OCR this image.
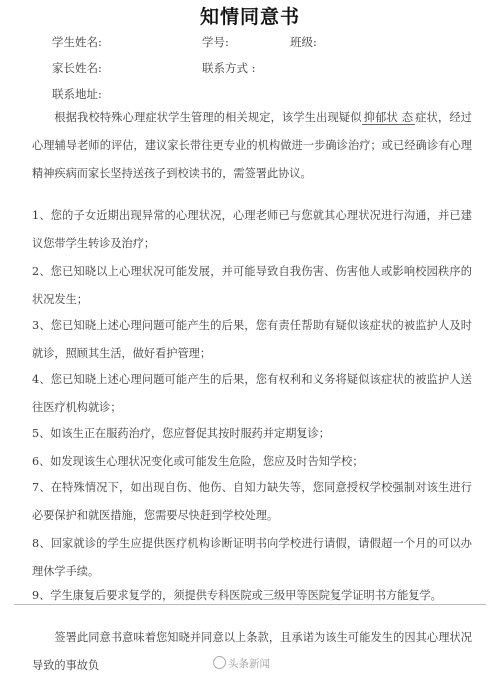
知情同意书
学生姓名:	学号:	班级:
家长姓名:	联系方式 :
联系地址:
根据我校特殊心理症状学生管理的相关规定，该学生出现疑似 抑郁状 态 症状，经过心理辅导老师的评估，建议家长带往更专业的机构做进一步确诊治疗；或已经确诊有心理精神疾病而家长坚持送孩子到校读书的，需签署此协议。
1、您的子女近期出现异常的心理状况，心理老师已与您就其心理状况进行沟通，并已建议您带学生转诊及治疗；
2、您已知晓以上心理状况可能发展，并可能导致自我伤害、伤害他人或影响校园秩序的状况发生；
3、您已知晓上述心理问题可能产生的后果，您有责任帮助有疑似该症状的被监护人及时就诊，照顾其生活，做好看护管理；
4、您已知晓上述心理问题可能产生的后果，您有权利和义务将疑似该症状的被监护人送往医疗机构就诊；
5、如该生正在服药治疗，您应督促其按时服药并定期复诊；
6、如发现该生心理状况变化或可能发生危险，您应及时告知学校；
7、在特殊情况下，如出现自伤、他伤、自知力缺失等，您同意授权学校强制对该生进行必要保护和就医措施，您需要尽快赶到学校处理。
8、回家就诊的学生应提供医疗机构诊断证明书向学校进行请假，请假超一个月的可以办理休学手续。
9、学生康复后要求复学的，须提供专科医院或三级甲等医院复学证明书方能复学。
签署此同意书意味着您知晓并同意以上条款，且承诺为该生可能发生的因其心理状况导致的事故负	头条新闻
